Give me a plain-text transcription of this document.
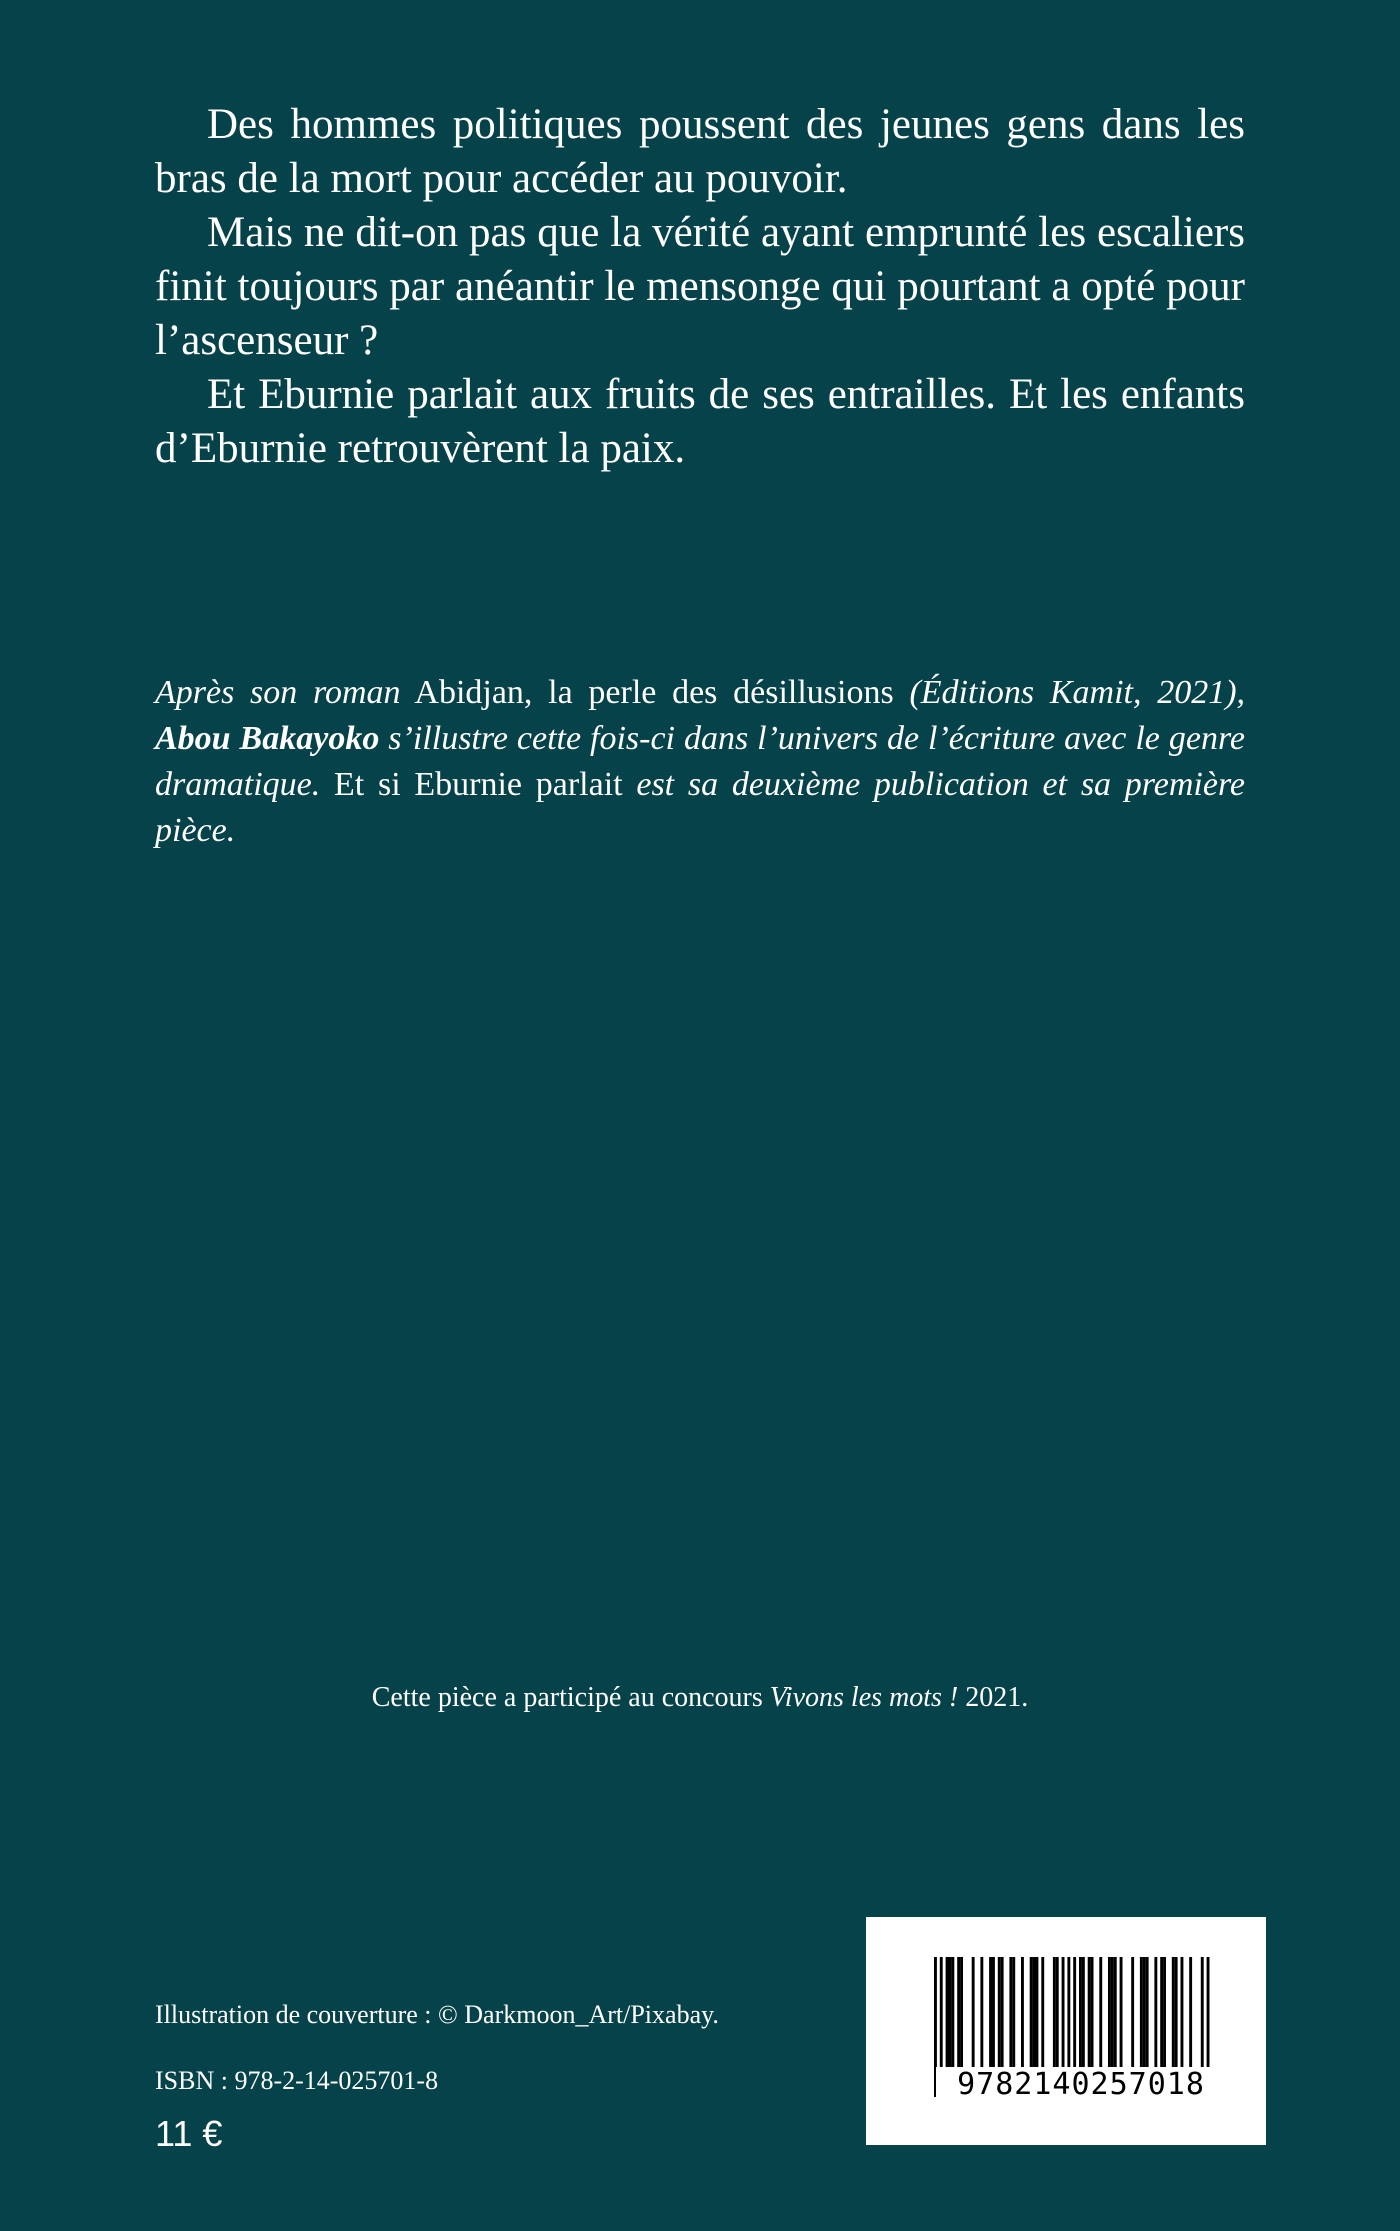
Des hommes politiques poussent des jeunes gens dans les bras de la mort pour accéder au pouvoir.

Mais ne dit-on pas que la vérité ayant emprunté les escaliers finit toujours par anéantir le mensonge qui pourtant a opté pour l’ascenseur ?

Et Eburnie parlait aux fruits de ses entrailles. Et les enfants d’Eburnie retrouvèrent la paix.

Après son roman Abidjan, la perle des désillusions (Éditions Kamit, 2021), Abou Bakayoko s’illustre cette fois-ci dans l’univers de l’écriture avec le genre dramatique. Et si Eburnie parlait est sa deuxième publication et sa première pièce.

Cette pièce a participé au concours Vivons les mots ! 2021.
Illustration de couverture : © Darkmoon_Art/Pixabay.
ISBN : 978-2-14-025701-8
11 €
9782140257018
